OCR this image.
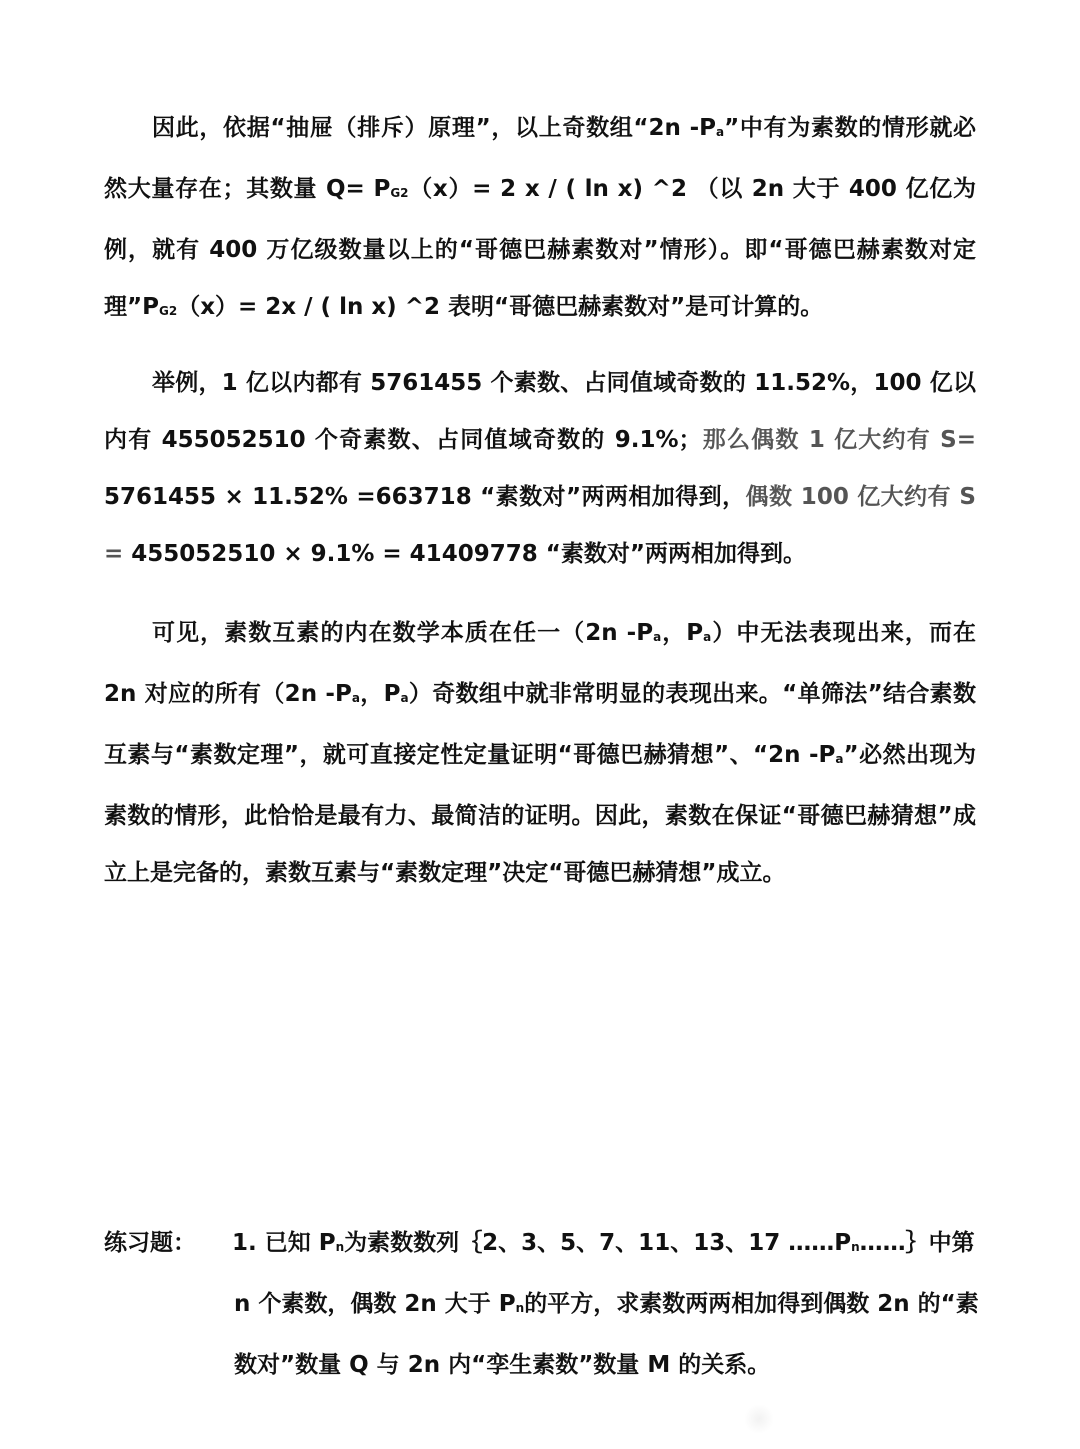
因此，依据“抽屉（排斥）原理”，以上奇数组“2n -Pa”中有为素数的情形就必然大量存在；其数量 Q= PG2（x）= 2 x / ( ln x) ^2 （以 2n 大于 400 亿亿为例，就有 400 万亿级数量以上的“哥德巴赫素数对”情形）。即“哥德巴赫素数对定理”PG2（x）= 2x / ( ln x) ^2 表明“哥德巴赫素数对”是可计算的。

举例，1 亿以内都有 5761455 个素数、占同值域奇数的 11.52%，100 亿以内有 455052510 个奇素数、占同值域奇数的 9.1%；那么偶数 1 亿大约有 S= 5761455 × 11.52% =663718 “素数对”两两相加得到，偶数 100 亿大约有 S = 455052510 × 9.1% = 41409778 “素数对”两两相加得到。

可见，素数互素的内在数学本质在任一（2n -Pa，Pa）中无法表现出来，而在 2n 对应的所有（2n -Pa，Pa）奇数组中就非常明显的表现出来。“单筛法”结合素数互素与“素数定理”，就可直接定性定量证明“哥德巴赫猜想”、“2n -Pa”必然出现为素数的情形，此恰恰是最有力、最简洁的证明。因此，素数在保证“哥德巴赫猜想”成立上是完备的，素数互素与“素数定理”决定“哥德巴赫猜想”成立。

练习题： 1. 已知 Pn为素数数列｛2、3、5、7、11、13、17 ……Pn……｝中第 n 个素数，偶数 2n 大于 Pn的平方，求素数两两相加得到偶数 2n 的“素数对”数量 Q 与 2n 内“孪生素数”数量 M 的关系。
